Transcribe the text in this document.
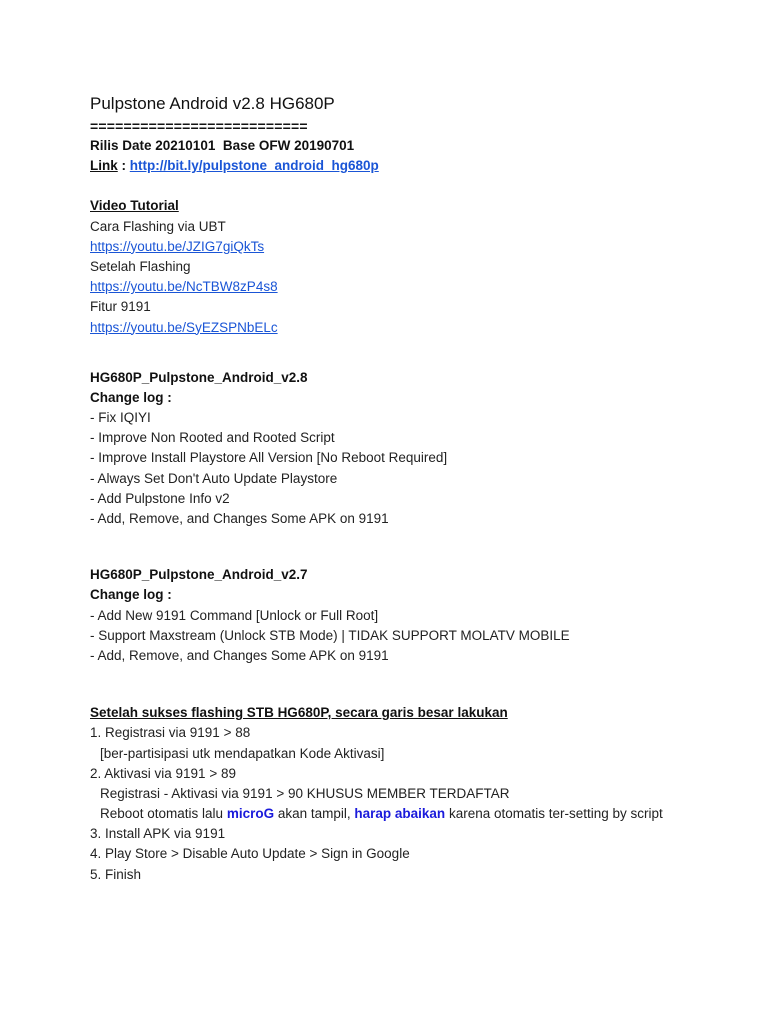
Pulpstone Android v2.8 HG680P
==========================
Rilis Date 20210101  Base OFW 20190701
Link : http://bit.ly/pulpstone_android_hg680p
Video Tutorial
Cara Flashing via UBT
https://youtu.be/JZIG7giQkTs
Setelah Flashing
https://youtu.be/NcTBW8zP4s8
Fitur 9191
https://youtu.be/SyEZSPNbELc
HG680P_Pulpstone_Android_v2.8
Change log :
- Fix IQIYI
- Improve Non Rooted and Rooted Script
- Improve Install Playstore All Version [No Reboot Required]
- Always Set Don't Auto Update Playstore
- Add Pulpstone Info v2
- Add, Remove, and Changes Some APK on 9191
HG680P_Pulpstone_Android_v2.7
Change log :
- Add New 9191 Command [Unlock or Full Root]
- Support Maxstream (Unlock STB Mode) | TIDAK SUPPORT MOLATV MOBILE
- Add, Remove, and Changes Some APK on 9191
Setelah sukses flashing STB HG680P, secara garis besar lakukan
1. Registrasi via 9191 > 88
[ber-partisipasi utk mendapatkan Kode Aktivasi]
2. Aktivasi via 9191 > 89
Registrasi - Aktivasi via 9191 > 90 KHUSUS MEMBER TERDAFTAR
Reboot otomatis lalu microG akan tampil, harap abaikan karena otomatis ter-setting by script
3. Install APK via 9191
4. Play Store > Disable Auto Update > Sign in Google
5. Finish
